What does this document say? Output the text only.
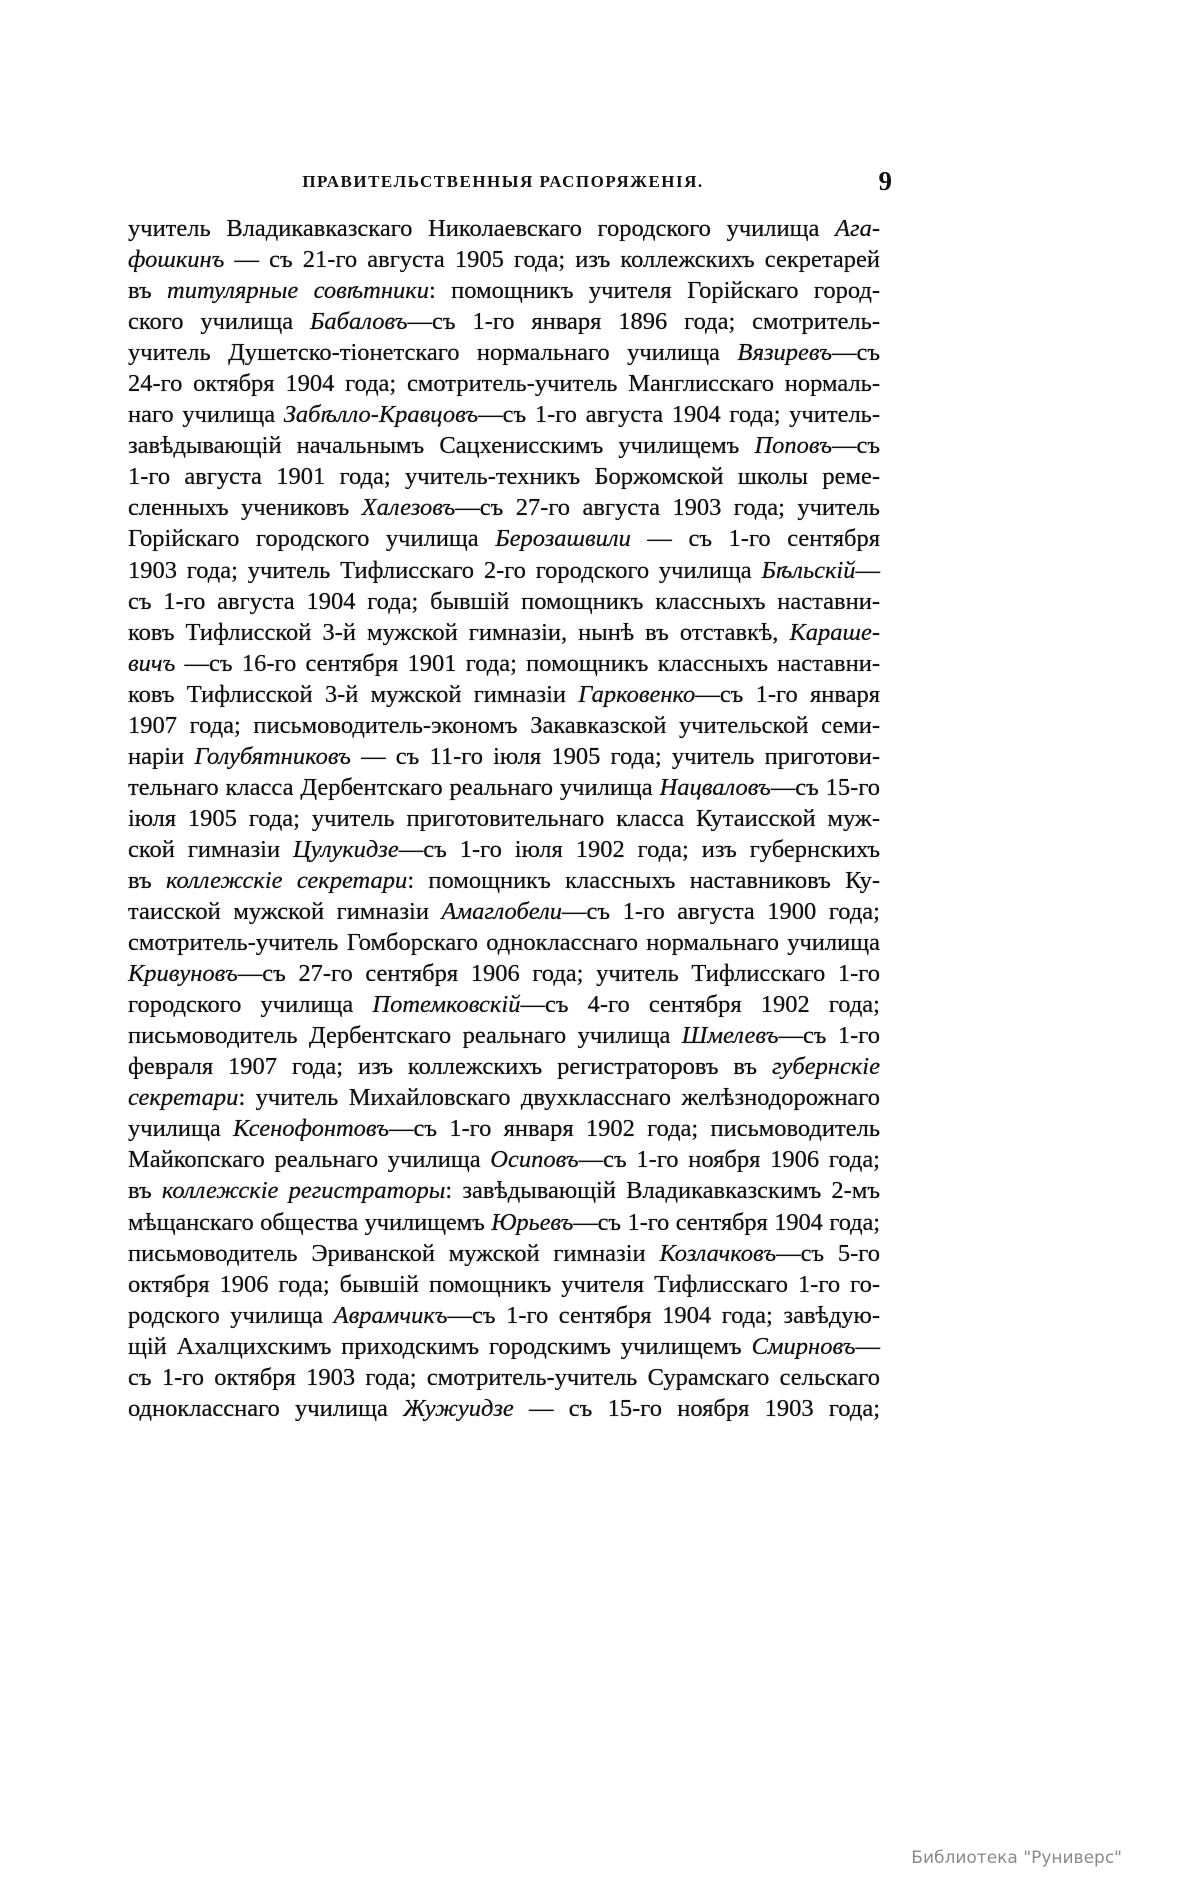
ПРАВИТЕЛЬСТВЕННЫЯ РАСПОРЯЖЕНІЯ.	9
учитель Владикавказскаго Николаевскаго городского училища Ага-
фошкинъ — съ 21-го августа 1905 года; изъ коллежскихъ секретарей
въ титулярные совѣтники: помощникъ учителя Горійскаго город-
ского училища Бабаловъ—съ 1-го января 1896 года; смотритель-
учитель Душетско-тіонетскаго нормальнаго училища Вязиревъ—съ
24-го октября 1904 года; смотритель-учитель Манглисскаго нормаль-
наго училища Забѣлло-Кравцовъ—съ 1-го августа 1904 года; учитель-
завѣдывающій начальнымъ Сацхенисскимъ училищемъ Поповъ—съ
1-го августа 1901 года; учитель-техникъ Боржомской школы реме-
сленныхъ учениковъ Халезовъ—съ 27-го августа 1903 года; учитель
Горійскаго городского училища Берозашвили — съ 1-го сентября
1903 года; учитель Тифлисскаго 2-го городского училища Бѣльскій—
съ 1-го августа 1904 года; бывшій помощникъ классныхъ наставни-
ковъ Тифлисской 3-й мужской гимназіи, нынѣ въ отставкѣ, Караше-
вичъ —съ 16-го сентября 1901 года; помощникъ классныхъ наставни-
ковъ Тифлисской 3-й мужской гимназіи Гарковенко—съ 1-го января
1907 года; письмоводитель-экономъ Закавказской учительской семи-
наріи Голубятниковъ — съ 11-го іюля 1905 года; учитель приготови-
тельнаго класса Дербентскаго реальнаго училища Нацваловъ—съ 15-го
іюля 1905 года; учитель приготовительнаго класса Кутаисской муж-
ской гимназіи Цулукидзе—съ 1-го іюля 1902 года; изъ губернскихъ
въ коллежскіе секретари: помощникъ классныхъ наставниковъ Ку-
таисской мужской гимназіи Амаглобели—съ 1-го августа 1900 года;
смотритель-учитель Гомборскаго однокласснаго нормальнаго училища
Кривуновъ—съ 27-го сентября 1906 года; учитель Тифлисскаго 1-го
городского училища Потемковскій—съ 4-го сентября 1902 года;
письмоводитель Дербентскаго реальнаго училища Шмелевъ—съ 1-го
февраля 1907 года; изъ коллежскихъ регистраторовъ въ губернскіе
секретари: учитель Михайловскаго двухкласснаго желѣзнодорожнаго
училища Ксенофонтовъ—съ 1-го января 1902 года; письмоводитель
Майкопскаго реальнаго училища Осиповъ—съ 1-го ноября 1906 года;
въ коллежскіе регистраторы: завѣдывающій Владикавказскимъ 2-мъ
мѣщанскаго общества училищемъ Юрьевъ—съ 1-го сентября 1904 года;
письмоводитель Эриванской мужской гимназіи Козлачковъ—съ 5-го
октября 1906 года; бывшій помощникъ учителя Тифлисскаго 1-го го-
родского училища Аврамчикъ—съ 1-го сентября 1904 года; завѣдую-
щій Ахалцихскимъ приходскимъ городскимъ училищемъ Смирновъ—
съ 1-го октября 1903 года; смотритель-учитель Сурамскаго сельскаго
однокласснаго училища Жужуидзе — съ 15-го ноября 1903 года;
Библиотека "Руниверс"
